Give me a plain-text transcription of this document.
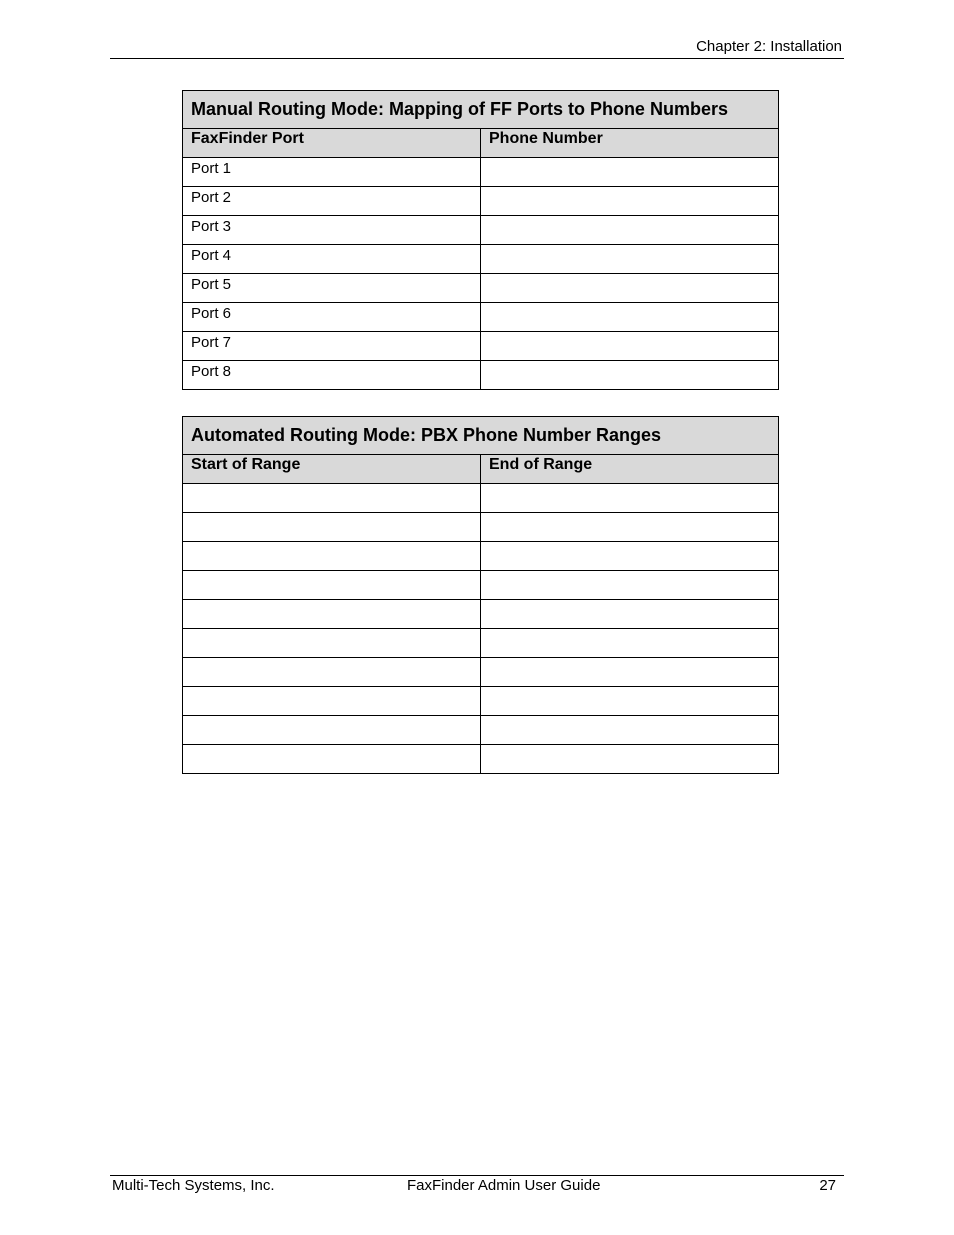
Chapter 2: Installation
Manual Routing Mode: Mapping of FF Ports to Phone Numbers	
FaxFinder Port	Phone Number
Port 1	
Port 2	
Port 3	
Port 4	
Port 5	
Port 6	
Port 7	
Port 8	
Automated Routing Mode: PBX Phone Number Ranges	
Start of Range	End of Range

Multi-Tech Systems, Inc.	FaxFinder Admin User Guide	27
